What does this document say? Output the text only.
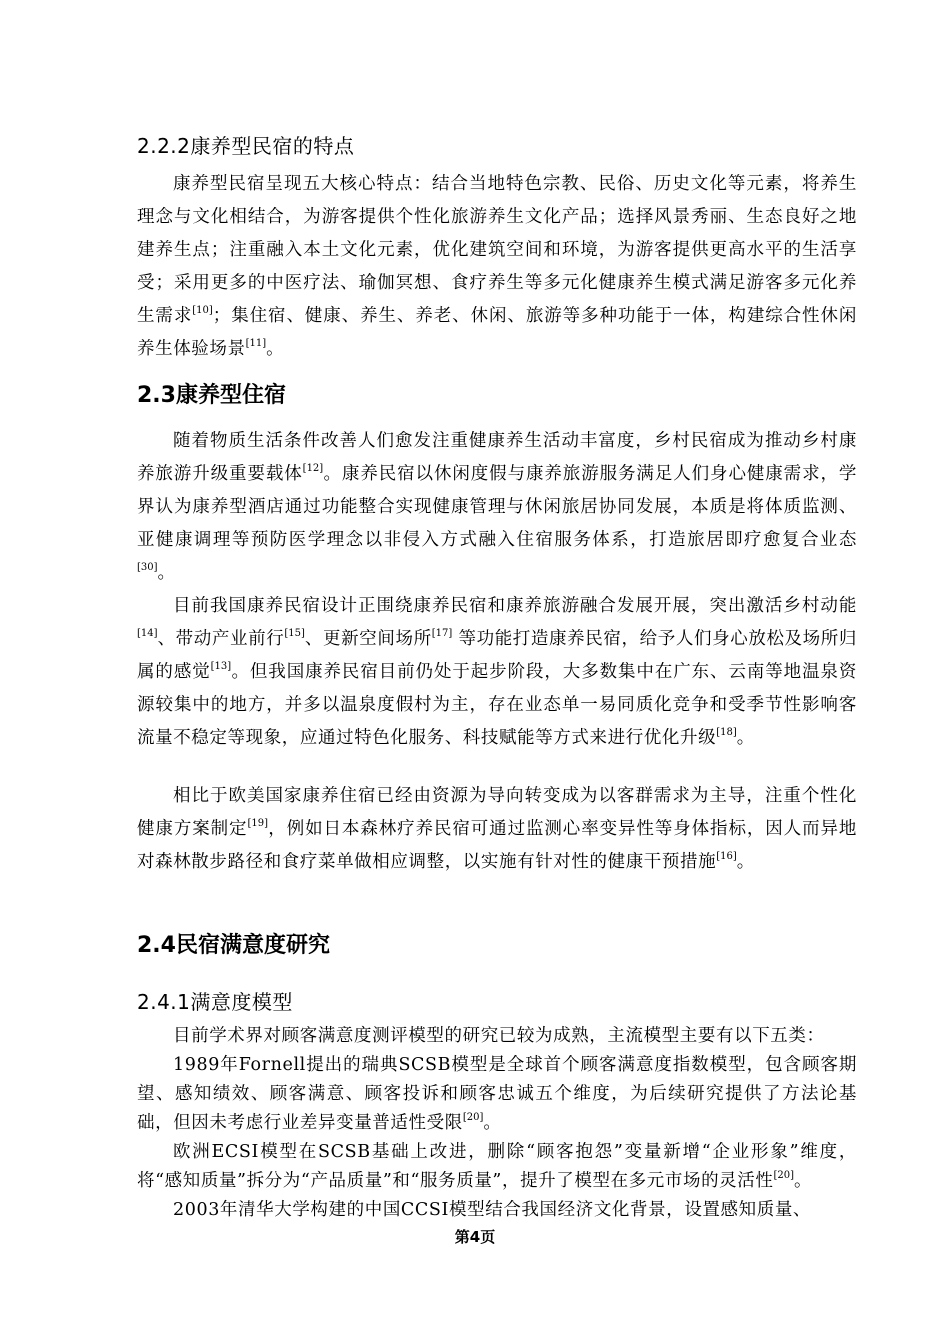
2.2.2康养型民宿的特点
康养型民宿呈现五大核心特点：结合当地特色宗教、民俗、历史文化等元素，将养生理念与文化相结合，为游客提供个性化旅游养生文化产品；选择风景秀丽、生态良好之地建养生点；注重融入本土文化元素，优化建筑空间和环境，为游客提供更高水平的生活享受；采用更多的中医疗法、瑜伽冥想、食疗养生等多元化健康养生模式满足游客多元化养生需求[10]；集住宿、健康、养生、养老、休闲、旅游等多种功能于一体，构建综合性休闲养生体验场景[11]。
2.3康养型住宿
随着物质生活条件改善人们愈发注重健康养生活动丰富度，乡村民宿成为推动乡村康养旅游升级重要载体[12]。康养民宿以休闲度假与康养旅游服务满足人们身心健康需求，学界认为康养型酒店通过功能整合实现健康管理与休闲旅居协同发展，本质是将体质监测、亚健康调理等预防医学理念以非侵入方式融入住宿服务体系，打造旅居即疗愈复合业态[30]。
目前我国康养民宿设计正围绕康养民宿和康养旅游融合发展开展，突出激活乡村动能[14]、带动产业前行[15]、更新空间场所[17] 等功能打造康养民宿，给予人们身心放松及场所归属的感觉[13]。但我国康养民宿目前仍处于起步阶段，大多数集中在广东、云南等地温泉资源较集中的地方，并多以温泉度假村为主，存在业态单一易同质化竞争和受季节性影响客流量不稳定等现象，应通过特色化服务、科技赋能等方式来进行优化升级[18]。
相比于欧美国家康养住宿已经由资源为导向转变成为以客群需求为主导，注重个性化健康方案制定[19]，例如日本森林疗养民宿可通过监测心率变异性等身体指标，因人而异地对森林散步路径和食疗菜单做相应调整，以实施有针对性的健康干预措施[16]。
2.4民宿满意度研究
2.4.1满意度模型
目前学术界对顾客满意度测评模型的研究已较为成熟，主流模型主要有以下五类：
1989年Fornell提出的瑞典SCSB模型是全球首个顾客满意度指数模型，包含顾客期望、感知绩效、顾客满意、顾客投诉和顾客忠诚五个维度，为后续研究提供了方法论基础，但因未考虑行业差异变量普适性受限[20]。
欧洲ECSI模型在SCSB基础上改进，删除“顾客抱怨”变量新增“企业形象”维度，将“感知质量”拆分为“产品质量”和“服务质量”，提升了模型在多元市场的灵活性[20]。
2003年清华大学构建的中国CCSI模型结合我国经济文化背景，设置感知质量、
第4页
